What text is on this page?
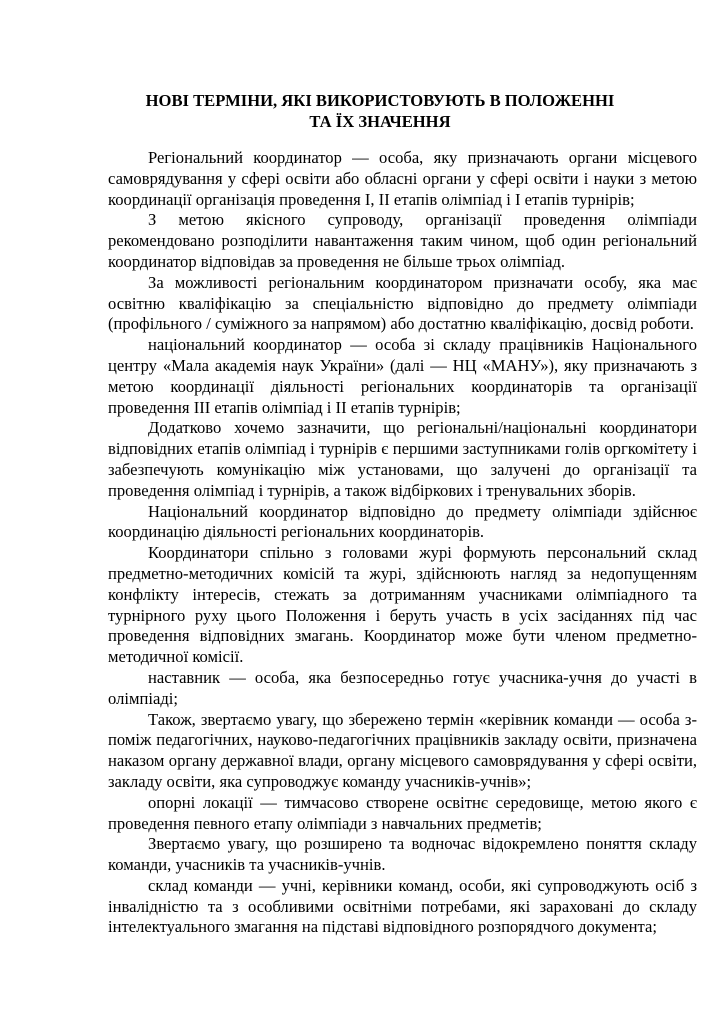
НОВІ ТЕРМІНИ, ЯКІ ВИКОРИСТОВУЮТЬ В ПОЛОЖЕННІ
ТА ЇХ ЗНАЧЕННЯ

Регіональний координатор — особа, яку призначають органи місцевого самоврядування у сфері освіти або обласні органи у сфері освіти і науки з метою координації організація проведення І, ІІ етапів олімпіад і І етапів турнірів;

З метою якісного супроводу, організації проведення олімпіади рекомендовано розподілити навантаження таким чином, щоб один регіональний координатор відповідав за проведення не більше трьох олімпіад.

За можливості регіональним координатором призначати особу, яка має освітню кваліфікацію за спеціальністю відповідно до предмету олімпіади (профільного / суміжного за напрямом) або достатню кваліфікацію, досвід роботи.

національний координатор — особа зі складу працівників Національного центру «Мала академія наук України» (далі — НЦ «МАНУ»), яку призначають з метою координації діяльності регіональних координаторів та організації проведення ІІІ етапів олімпіад і ІІ етапів турнірів;

Додатково хочемо зазначити, що регіональні/національні координатори відповідних етапів олімпіад і турнірів є першими заступниками голів оргкомітету і забезпечують комунікацію між установами, що залучені до організації та проведення олімпіад і турнірів, а також відбіркових і тренувальних зборів.

Національний координатор відповідно до предмету олімпіади здійснює координацію діяльності регіональних координаторів.

Координатори спільно з головами журі формують персональний склад предметно-методичних комісій та журі, здійснюють нагляд за недопущенням конфлікту інтересів, стежать за дотриманням учасниками олімпіадного та турнірного руху цього Положення і беруть участь в усіх засіданнях під час проведення відповідних змагань. Координатор може бути членом предметно-методичної комісії.

наставник — особа, яка безпосередньо готує учасника-учня до участі в олімпіаді;

Також, звертаємо увагу, що збережено термін «керівник команди — особа з-поміж педагогічних, науково-педагогічних працівників закладу освіти, призначена наказом органу державної влади, органу місцевого самоврядування у сфері освіти, закладу освіти, яка супроводжує команду учасників-учнів»;

опорні локації — тимчасово створене освітнє середовище, метою якого є проведення певного етапу олімпіади з навчальних предметів;

Звертаємо увагу, що розширено та водночас відокремлено поняття складу команди, учасників та учасників-учнів.

склад команди — учні, керівники команд, особи, які супроводжують осіб з інвалідністю та з особливими освітніми потребами, які зараховані до складу інтелектуального змагання на підставі відповідного розпорядчого документа;
